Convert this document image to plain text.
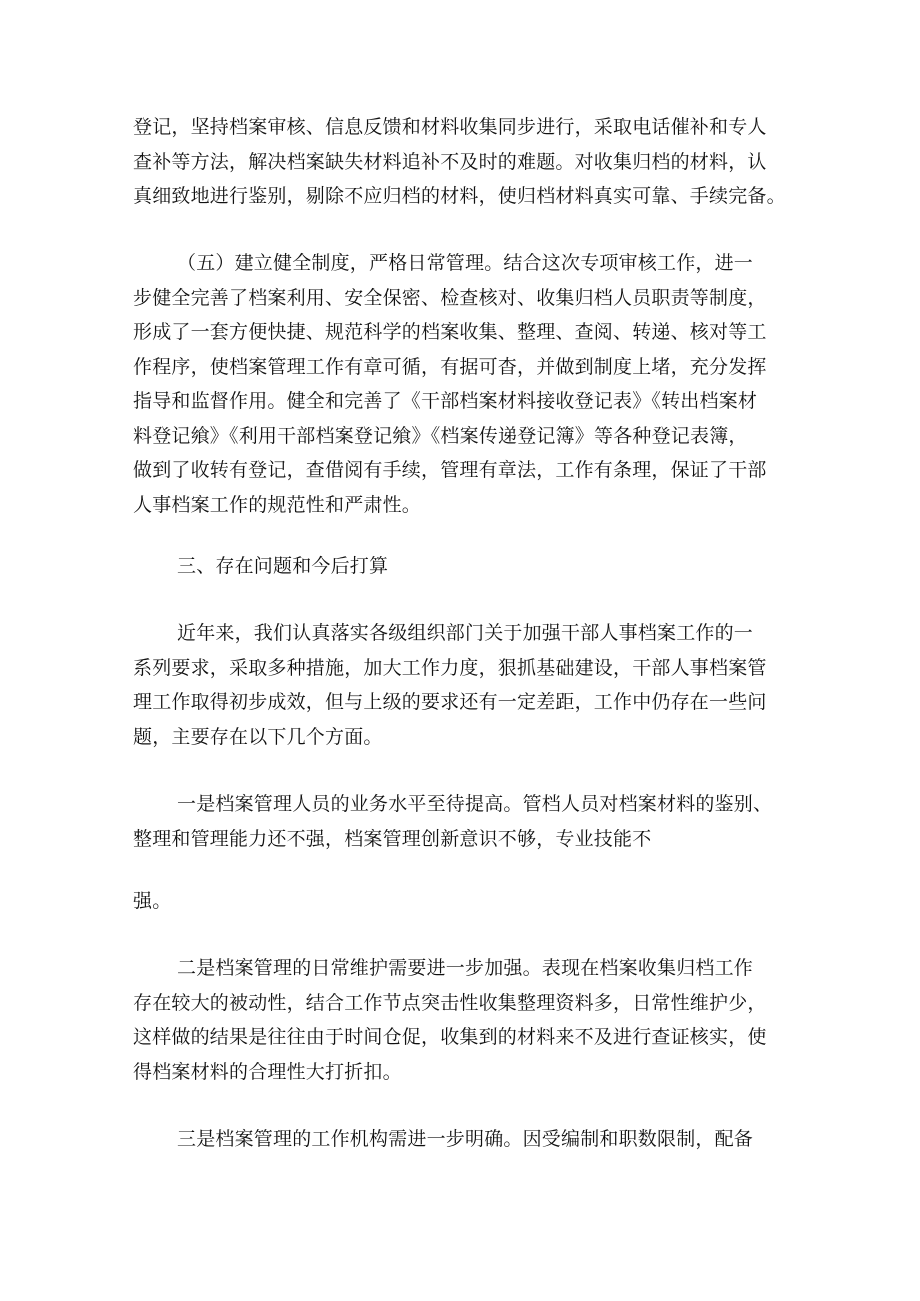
登记，坚持档案审核、信息反馈和材料收集同步进行，采取电话催补和专人
查补等方法，解决档案缺失材料追补不及时的难题。对收集归档的材料，认
真细致地进行鉴别，剔除不应归档的材料，使归档材料真实可靠、手续完备。

（五）建立健全制度，严格日常管理。结合这次专项审核工作，进一
步健全完善了档案利用、安全保密、检查核对、收集归档人员职责等制度，
形成了一套方便快捷、规范科学的档案收集、整理、查阅、转递、核对等工
作程序，使档案管理工作有章可循，有据可杳，并做到制度上堵，充分发挥
指导和监督作用。健全和完善了《干部档案材料接收登记表》《转出档案材
料登记飨》《利用干部档案登记飨》《档案传递登记簿》等各种登记表簿，
做到了收转有登记，查借阅有手续，管理有章法，工作有条理，保证了干部
人事档案工作的规范性和严肃性。

三、存在问题和今后打算

近年来，我们认真落实各级组织部门关于加强干部人事档案工作的一
系列要求，采取多种措施，加大工作力度，狠抓基础建设，干部人事档案管
理工作取得初步成效，但与上级的要求还有一定差距，工作中仍存在一些问
题，主要存在以下几个方面。

一是档案管理人员的业务水平至待提高。管档人员对档案材料的鉴别、
整理和管理能力还不强，档案管理创新意识不够，专业技能不

强。

二是档案管理的日常维护需要进一步加强。表现在档案收集归档工作
存在较大的被动性，结合工作节点突击性收集整理资料多，日常性维护少，
这样做的结果是往往由于时间仓促，收集到的材料来不及进行查证核实，使
得档案材料的合理性大打折扣。

三是档案管理的工作机构需进一步明确。因受编制和职数限制，配备
